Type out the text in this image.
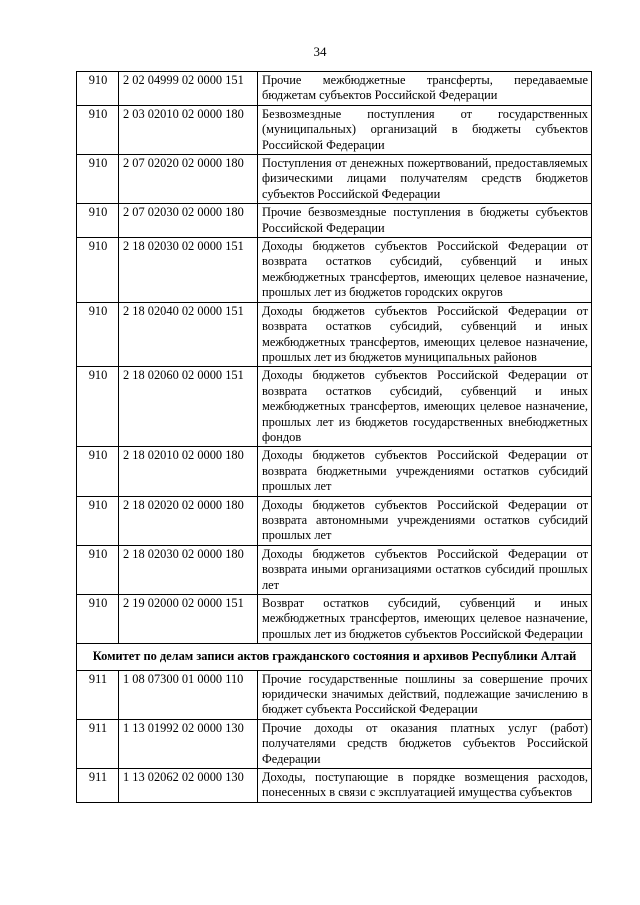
34
910	2 02 04999 02 0000 151	Прочие межбюджетные трансферты, передаваемые бюджетам субъектов Российской Федерации
910	2 03 02010 02 0000 180	Безвозмездные поступления от государственных (муниципальных) организаций в бюджеты субъектов Российской Федерации
910	2 07 02020 02 0000 180	Поступления от денежных пожертвований, предоставляемых физическими лицами получателям средств бюджетов субъектов Российской Федерации
910	2 07 02030 02 0000 180	Прочие безвозмездные поступления в бюджеты субъектов Российской Федерации
910	2 18 02030 02 0000 151	Доходы бюджетов субъектов Российской Федерации от возврата остатков субсидий, субвенций и иных межбюджетных трансфертов, имеющих целевое назначение, прошлых лет из бюджетов городских округов
910	2 18 02040 02 0000 151	Доходы бюджетов субъектов Российской Федерации от возврата остатков субсидий, субвенций и иных межбюджетных трансфертов, имеющих целевое назначение, прошлых лет из бюджетов муниципальных районов
910	2 18 02060 02 0000 151	Доходы бюджетов субъектов Российской Федерации от возврата остатков субсидий, субвенций и иных межбюджетных трансфертов, имеющих целевое назначение, прошлых лет из бюджетов государственных внебюджетных фондов
910	2 18 02010 02 0000 180	Доходы бюджетов субъектов Российской Федерации от возврата бюджетными учреждениями остатков субсидий прошлых лет
910	2 18 02020 02 0000 180	Доходы бюджетов субъектов Российской Федерации от возврата автономными учреждениями остатков субсидий прошлых лет
910	2 18 02030 02 0000 180	Доходы бюджетов субъектов Российской Федерации от возврата иными организациями остатков субсидий прошлых лет
910	2 19 02000 02 0000 151	Возврат остатков субсидий, субвенций и иных межбюджетных трансфертов, имеющих целевое назначение, прошлых лет из бюджетов субъектов Российской Федерации
Комитет по делам записи актов гражданского состояния и архивов Республики Алтай		
911	1 08 07300 01 0000 110	Прочие государственные пошлины за совершение прочих юридически значимых действий, подлежащие зачислению в бюджет субъекта Российской Федерации
911	1 13 01992 02 0000 130	Прочие доходы от оказания платных услуг (работ) получателями средств бюджетов субъектов Российской Федерации
911	1 13 02062 02 0000 130	Доходы, поступающие в порядке возмещения расходов, понесенных в связи с эксплуатацией имущества субъектов
